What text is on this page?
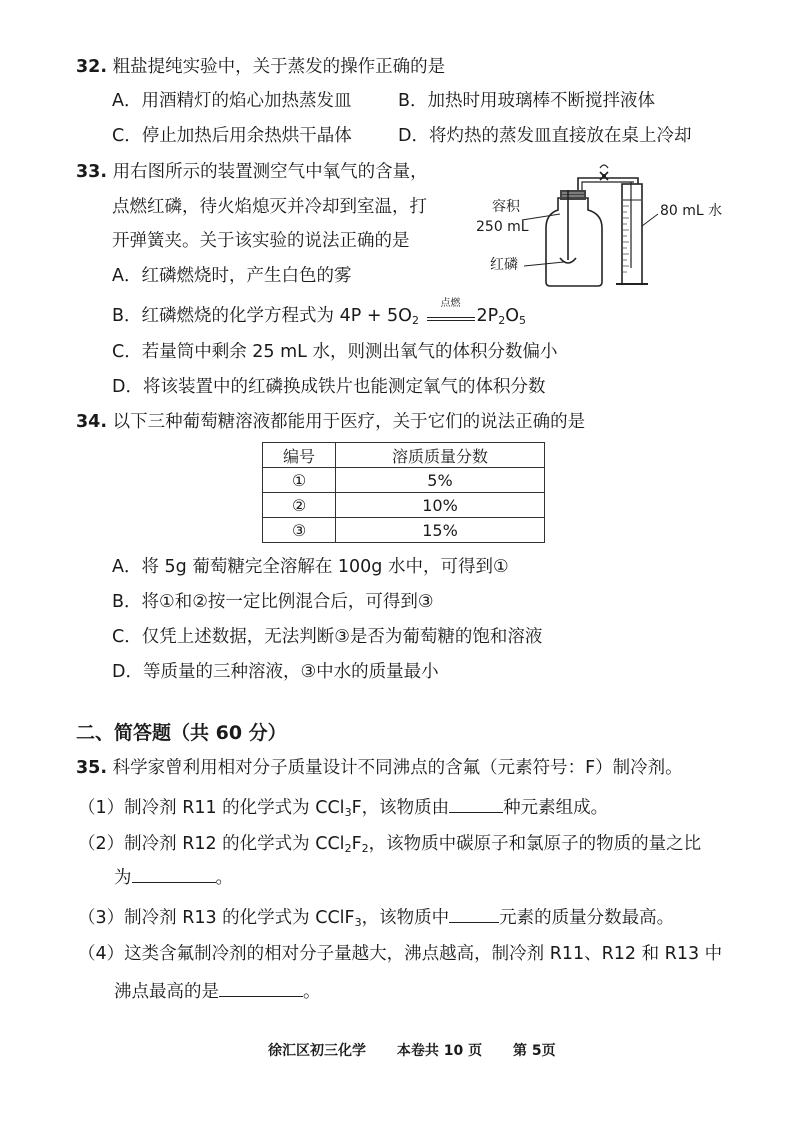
32. 粗盐提纯实验中，关于蒸发的操作正确的是
A．用酒精灯的焰心加热蒸发皿	B．加热时用玻璃棒不断搅拌液体
C．停止加热后用余热烘干晶体	D．将灼热的蒸发皿直接放在桌上冷却
33. 用右图所示的装置测空气中氧气的含量，
点燃红磷，待火焰熄灭并冷却到室温，打
开弹簧夹。关于该实验的说法正确的是
A．红磷燃烧时，产生白色的雾
B．红磷燃烧的化学方程式为 $4P + 5O_2$
点燃
$2P_2O_5$
C．若量筒中剩余 25 mL 水，则测出氧气的体积分数偏小
D．将该装置中的红磷换成铁片也能测定氧气的体积分数
容积
250 mL
红磷
80 mL 水
34. 以下三种葡萄糖溶液都能用于医疗，关于它们的说法正确的是
编号	溶质质量分数
①	5%
②	10%
③	15%
A．将 5g 葡萄糖完全溶解在 100g 水中，可得到①
B．将①和②按一定比例混合后，可得到③
C．仅凭上述数据，无法判断③是否为葡萄糖的饱和溶液
D．等质量的三种溶液，③中水的质量最小
二、简答题（共 60 分）
35. 科学家曾利用相对分子质量设计不同沸点的含氟（元素符号：F）制冷剂。
（1）制冷剂 R11 的化学式为 CCl$_3$F，该物质由	种元素组成。
（2）制冷剂 R12 的化学式为 $CCl_2F_2$，该物质中碳原子和氯原子的物质的量之比
为	。
（3）制冷剂 R13 的化学式为 CClF$_3$，该物质中	元素的质量分数最高。
（4）这类含氟制冷剂的相对分子量越大，沸点越高，制冷剂 R11、R12 和 R13 中
沸点最高的是	。
徐汇区初三化学 本卷共 10 页 第 5页
